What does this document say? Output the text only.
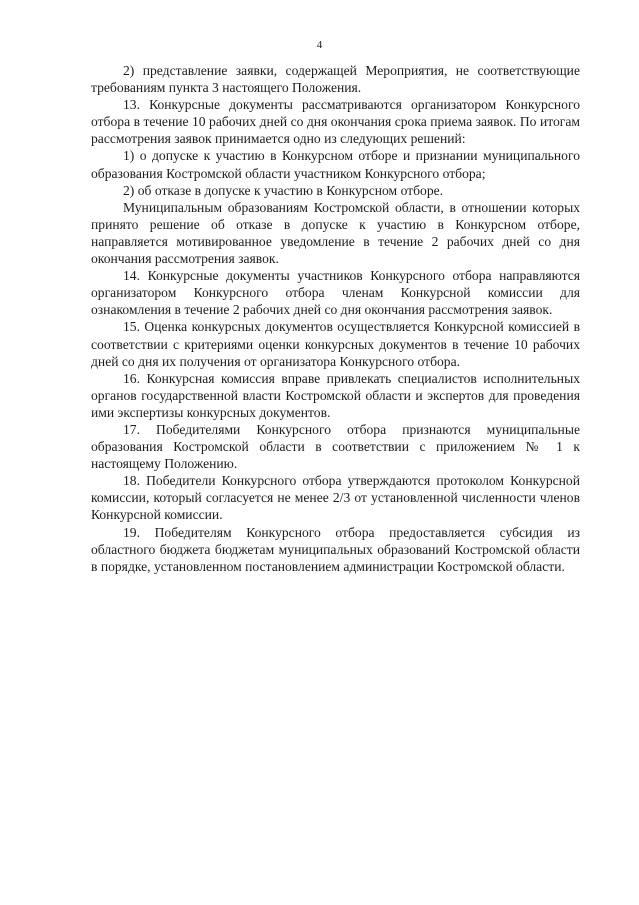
4

2) представление заявки, содержащей Мероприятия, не соответствующие требованиям пункта 3 настоящего Положения.

13. Конкурсные документы рассматриваются организатором Конкурсного отбора в течение 10 рабочих дней со дня окончания срока приема заявок. По итогам рассмотрения заявок принимается одно из следующих решений:

1) о допуске к участию в Конкурсном отборе и признании муниципального образования Костромской области участником Конкурсного отбора;

2) об отказе в допуске к участию в Конкурсном отборе.

Муниципальным образованиям Костромской области, в отношении которых принято решение об отказе в допуске к участию в Конкурсном отборе, направляется мотивированное уведомление в течение 2 рабочих дней со дня окончания рассмотрения заявок.

14. Конкурсные документы участников Конкурсного отбора направляются организатором Конкурсного отбора членам Конкурсной комиссии для ознакомления в течение 2 рабочих дней со дня окончания рассмотрения заявок.

15. Оценка конкурсных документов осуществляется Конкурсной комиссией в соответствии с критериями оценки конкурсных документов в течение 10 рабочих дней со дня их получения от организатора Конкурсного отбора.

16. Конкурсная комиссия вправе привлекать специалистов исполнительных органов государственной власти Костромской области и экспертов для проведения ими экспертизы конкурсных документов.

17. Победителями Конкурсного отбора признаются муниципальные образования Костромской области в соответствии с приложением № 1 к настоящему Положению.

18. Победители Конкурсного отбора утверждаются протоколом Конкурсной комиссии, который согласуется не менее 2/3 от установленной численности членов Конкурсной комиссии.

19. Победителям Конкурсного отбора предоставляется субсидия из областного бюджета бюджетам муниципальных образований Костромской области в порядке, установленном постановлением администрации Костромской области.
